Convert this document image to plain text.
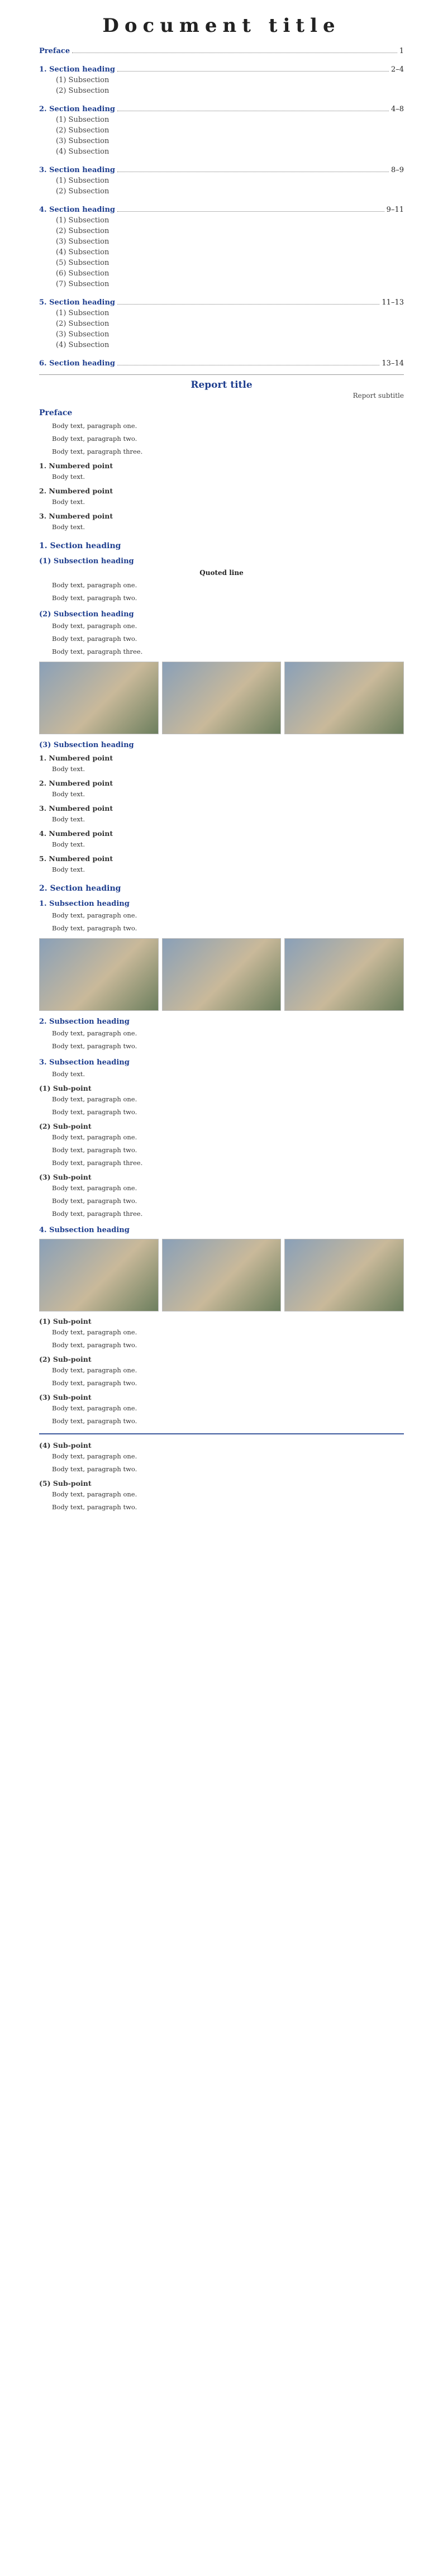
Document title
Preface	1
1. Section heading	2–4
(1) Subsection
(2) Subsection
2. Section heading	4–8
(1) Subsection
(2) Subsection
(3) Subsection
(4) Subsection
3. Section heading	8–9
(1) Subsection
(2) Subsection
4. Section heading	9–11
(1) Subsection
(2) Subsection
(3) Subsection
(4) Subsection
(5) Subsection
(6) Subsection
(7) Subsection
5. Section heading	11–13
(1) Subsection
(2) Subsection
(3) Subsection
(4) Subsection
6. Section heading	13–14
Report title
Report subtitle
Preface
Body text, paragraph one.
Body text, paragraph two.
Body text, paragraph three.
1. Numbered point
Body text.
2. Numbered point
Body text.
3. Numbered point
Body text.
1. Section heading
(1) Subsection heading
Quoted line
Body text, paragraph one.
Body text, paragraph two.
(2) Subsection heading
Body text, paragraph one.
Body text, paragraph two.
Body text, paragraph three.
(3) Subsection heading
1. Numbered point
Body text.
2. Numbered point
Body text.
3. Numbered point
Body text.
4. Numbered point
Body text.
5. Numbered point
Body text.
2. Section heading
1. Subsection heading
Body text, paragraph one.
Body text, paragraph two.
2. Subsection heading
Body text, paragraph one.
Body text, paragraph two.
3. Subsection heading
Body text.
(1) Sub-point
Body text, paragraph one.
Body text, paragraph two.
(2) Sub-point
Body text, paragraph one.
Body text, paragraph two.
Body text, paragraph three.
(3) Sub-point
Body text, paragraph one.
Body text, paragraph two.
Body text, paragraph three.
4. Subsection heading
(1) Sub-point
Body text, paragraph one.
Body text, paragraph two.
(2) Sub-point
Body text, paragraph one.
Body text, paragraph two.
(3) Sub-point
Body text, paragraph one.
Body text, paragraph two.
(4) Sub-point
Body text, paragraph one.
Body text, paragraph two.
(5) Sub-point
Body text, paragraph one.
Body text, paragraph two.
